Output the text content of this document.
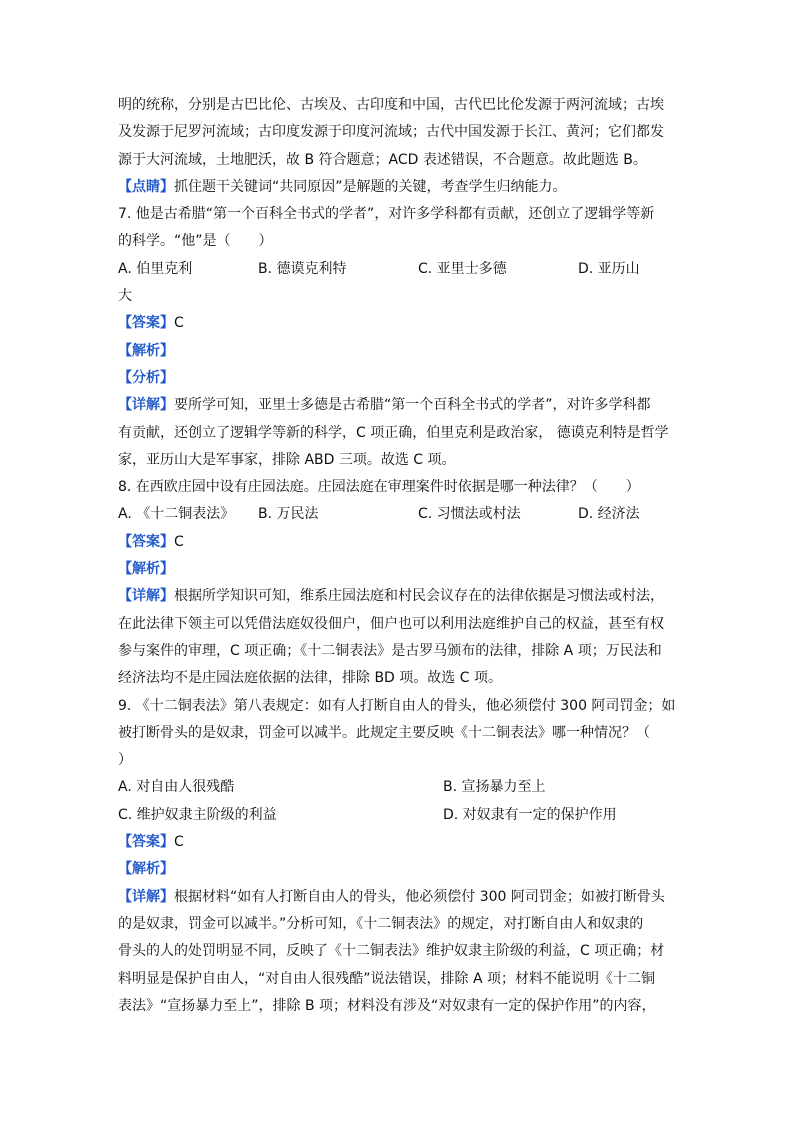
明的统称，分别是古巴比伦、古埃及、古印度和中国，古代巴比伦发源于两河流域；古埃

及发源于尼罗河流域；古印度发源于印度河流域；古代中国发源于长江、黄河；它们都发

源于大河流域，土地肥沃，故 B 符合题意；ACD 表述错误，不合题意。故此题选 B。

【点睛】抓住题干关键词“共同原因”是解题的关键，考查学生归纳能力。

7. 他是古希腊“第一个百科全书式的学者”，对许多学科都有贡献，还创立了逻辑学等新

的科学。“他”是（　　）

A. 伯里克利	B. 德谟克利特	C. 亚里士多德	D. 亚历山

大

【答案】C

【解析】

【分析】

【详解】要所学可知，亚里士多德是古希腊“第一个百科全书式的学者”，对许多学科都

有贡献，还创立了逻辑学等新的科学，C 项正确，伯里克利是政治家， 德谟克利特是哲学

家，亚历山大是军事家，排除 ABD 三项。故选 C 项。

8. 在西欧庄园中设有庄园法庭。庄园法庭在审理案件时依据是哪一种法律？（　　）

A. 《十二铜表法》	B. 万民法	C. 习惯法或村法	D. 经济法

【答案】C

【解析】

【详解】根据所学知识可知，维系庄园法庭和村民会议存在的法律依据是习惯法或村法，

在此法律下领主可以凭借法庭奴役佃户，佃户也可以利用法庭维护自己的权益，甚至有权

参与案件的审理，C 项正确；《十二铜表法》是古罗马颁布的法律，排除 A 项；万民法和

经济法均不是庄园法庭依据的法律，排除 BD 项。故选 C 项。

9. 《十二铜表法》第八表规定：如有人打断自由人的骨头，他必须偿付 300 阿司罚金；如

被打断骨头的是奴隶，罚金可以减半。此规定主要反映《十二铜表法》哪一种情况？（

）

A. 对自由人很残酷	B. 宣扬暴力至上
C. 维护奴隶主阶级的利益	D. 对奴隶有一定的保护作用

【答案】C

【解析】

【详解】根据材料“如有人打断自由人的骨头，他必须偿付 300 阿司罚金；如被打断骨头

的是奴隶，罚金可以减半。”分析可知，《十二铜表法》的规定，对打断自由人和奴隶的

骨头的人的处罚明显不同，反映了《十二铜表法》维护奴隶主阶级的利益，C 项正确；材

料明显是保护自由人，“对自由人很残酷”说法错误，排除 A 项；材料不能说明《十二铜

表法》“宣扬暴力至上”，排除 B 项；材料没有涉及“对奴隶有一定的保护作用”的内容，
